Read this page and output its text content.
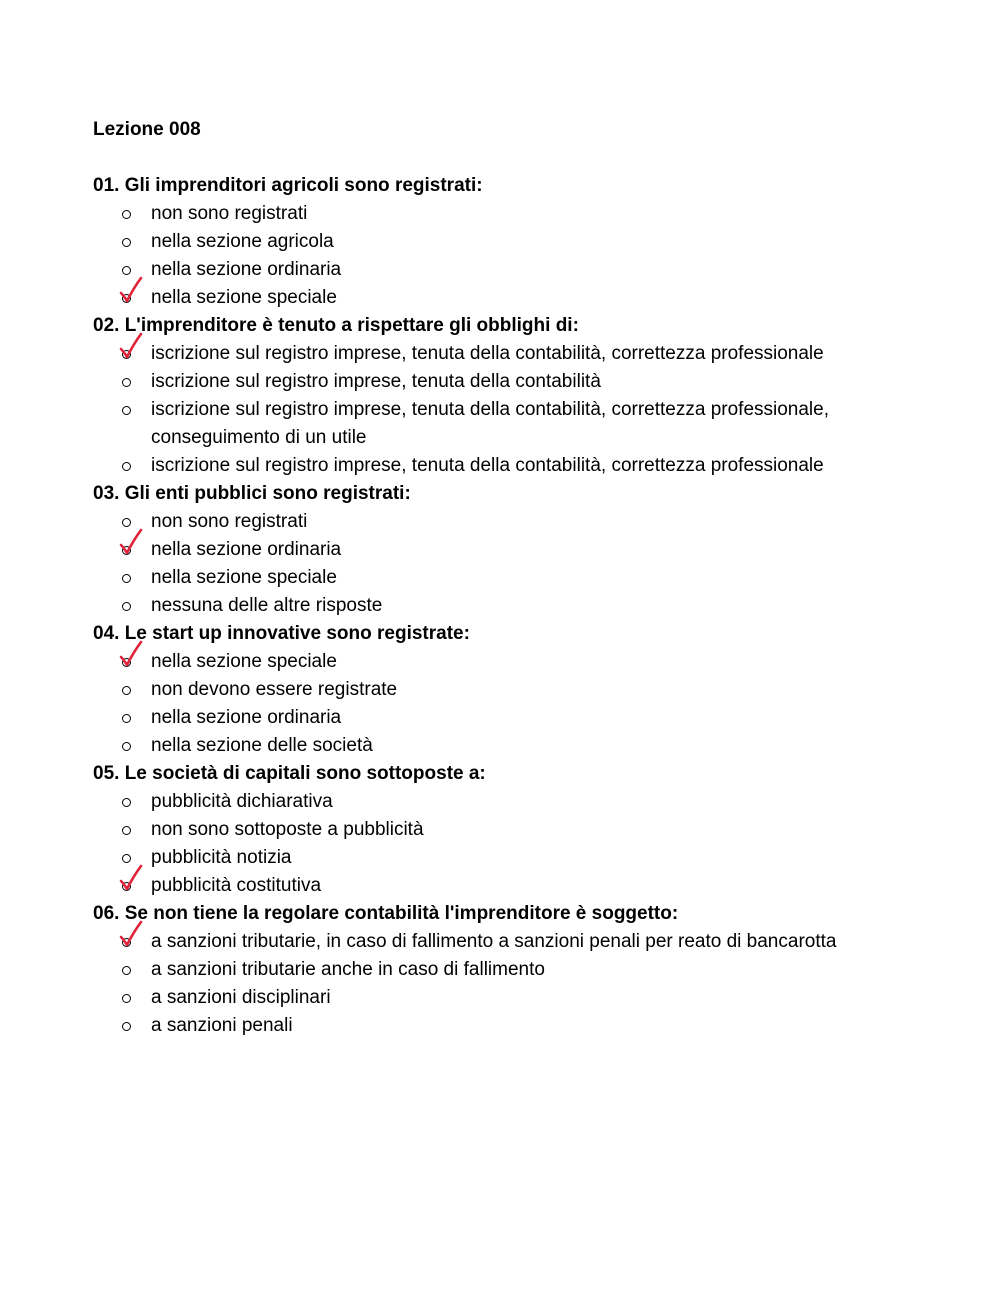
Lezione 008

01. Gli imprenditori agricoli sono registrati:

non sono registrati
nella sezione agricola
nella sezione ordinaria
nella sezione speciale

02. L'imprenditore è tenuto a rispettare gli obblighi di:

iscrizione sul registro imprese, tenuta della contabilità, correttezza professionale
iscrizione sul registro imprese, tenuta della contabilità
iscrizione sul registro imprese, tenuta della contabilità, correttezza professionale, conseguimento di un utile
iscrizione sul registro imprese, tenuta della contabilità, correttezza professionale

03. Gli enti pubblici sono registrati:

non sono registrati
nella sezione ordinaria
nella sezione speciale
nessuna delle altre risposte

04. Le start up innovative sono registrate:

nella sezione speciale
non devono essere registrate
nella sezione ordinaria
nella sezione delle società

05. Le società di capitali sono sottoposte a:

pubblicità dichiarativa
non sono sottoposte a pubblicità
pubblicità notizia
pubblicità costitutiva

06. Se non tiene la regolare contabilità l'imprenditore è soggetto:

a sanzioni tributarie, in caso di fallimento a sanzioni penali per reato di bancarotta
a sanzioni tributarie anche in caso di fallimento
a sanzioni disciplinari
a sanzioni penali
